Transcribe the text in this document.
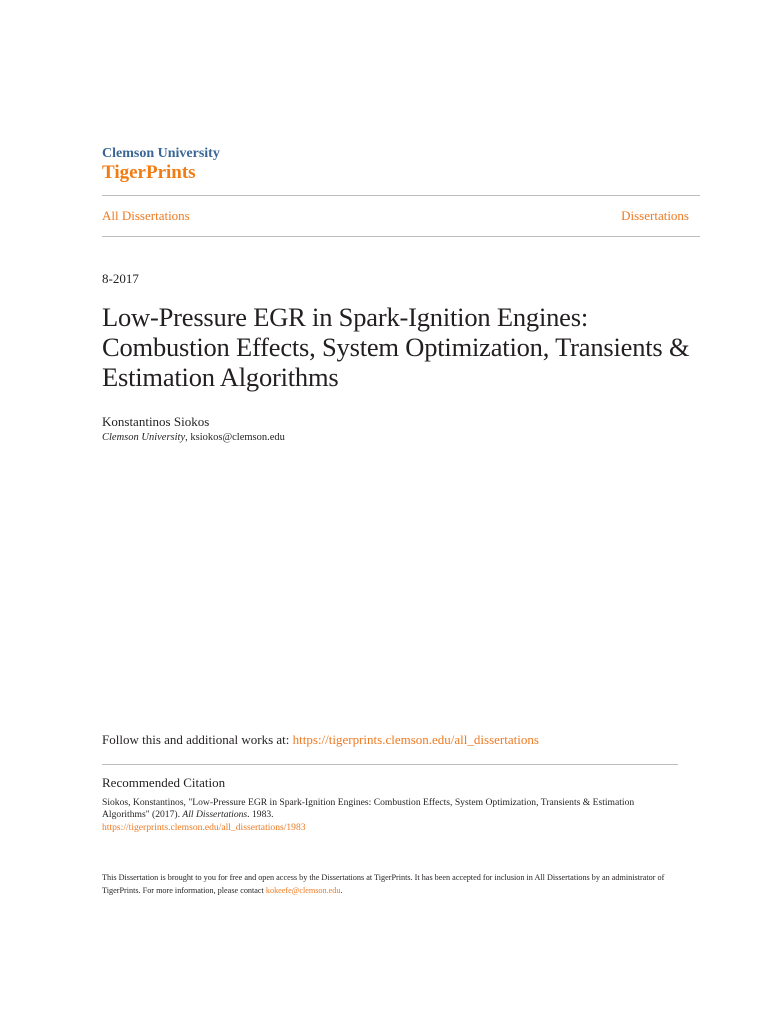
Clemson University
TigerPrints
All Dissertations	Dissertations
8-2017
Low-Pressure EGR in Spark-Ignition Engines: Combustion Effects, System Optimization, Transients & Estimation Algorithms
Konstantinos Siokos
Clemson University, ksiokos@clemson.edu
Follow this and additional works at: https://tigerprints.clemson.edu/all_dissertations
Recommended Citation
Siokos, Konstantinos, "Low-Pressure EGR in Spark-Ignition Engines: Combustion Effects, System Optimization, Transients & Estimation Algorithms" (2017). All Dissertations. 1983.
https://tigerprints.clemson.edu/all_dissertations/1983
This Dissertation is brought to you for free and open access by the Dissertations at TigerPrints. It has been accepted for inclusion in All Dissertations by an administrator of TigerPrints. For more information, please contact kokeefe@clemson.edu.
